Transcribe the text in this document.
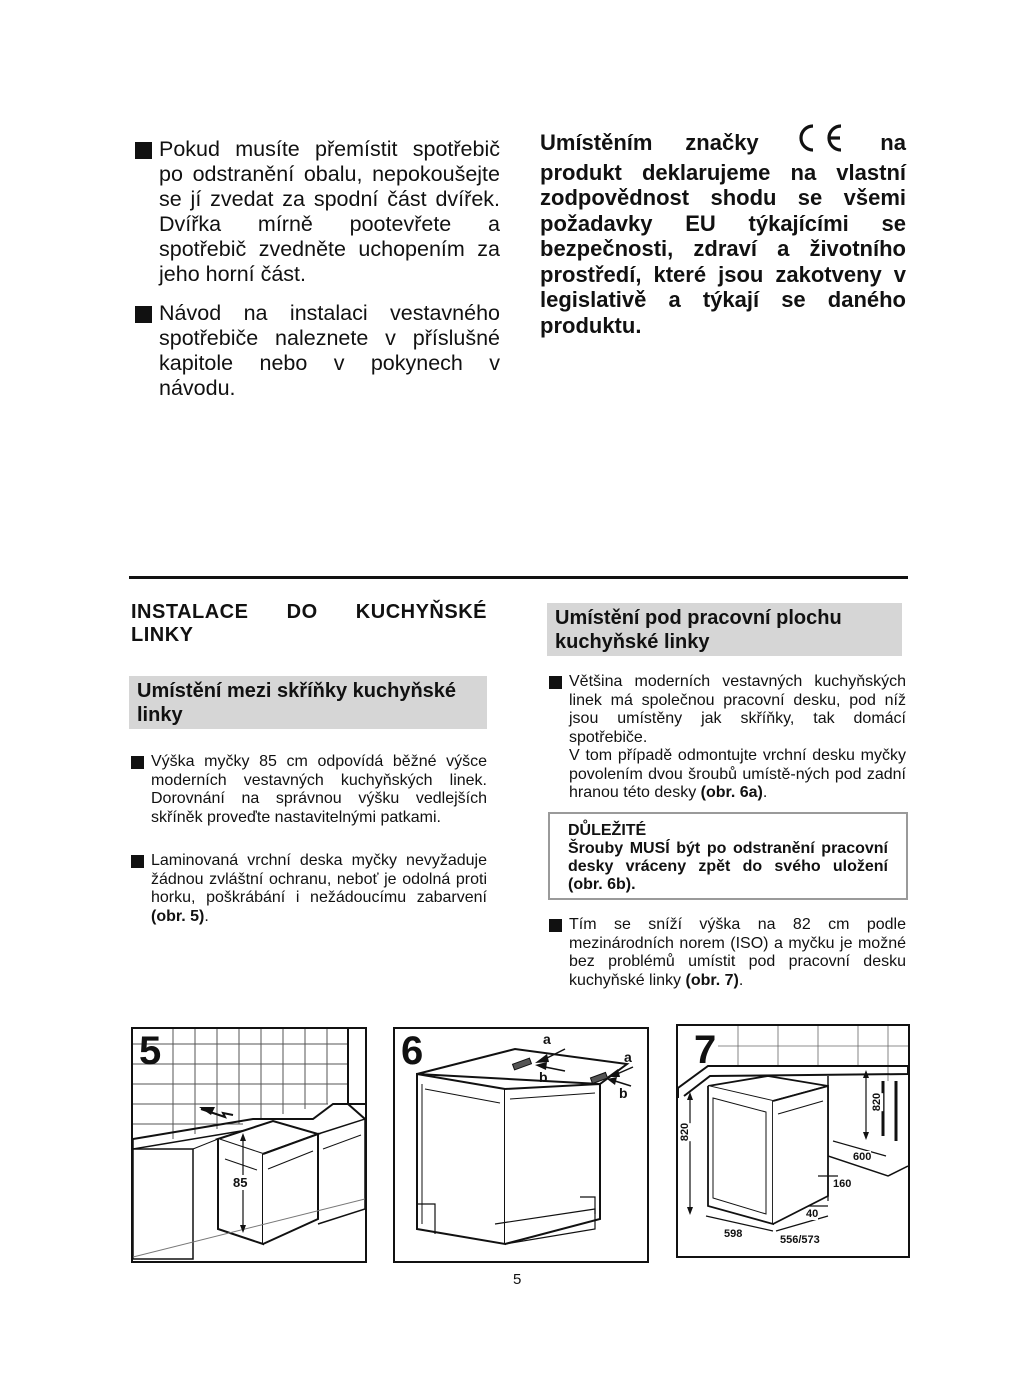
Pokud musíte přemístit spotřebič po odstranění obalu, nepokoušejte se jí zvedat za spodní část dvířek. Dvířka mírně pootevřete a spotřebič zvedněte uchopením za jeho horní část.
Návod na instalaci vestavného spotřebiče naleznete v příslušné kapitole nebo v pokynech v návodu.
Umístěním značky	na produkt deklarujeme na vlastní zodpovědnost shodu se všemi požadavky EU týkajícími se bezpečnosti, zdraví a životního prostředí, které jsou zakotveny v legislativě a týkají se daného produktu.
INSTALACE DO KUCHYŇSKÉ LINKY
Umístění mezi skříňky kuchyňské linky
Výška myčky 85 cm odpovídá běžné výšce moderních vestavných kuchyňských linek. Dorovnání na správnou výšku vedlejších skříněk proveďte nastavitelnými patkami.
Laminovaná vrchní deska myčky nevyžaduje žádnou zvláštní ochranu, neboť je odolná proti horku, poškrábání i nežádoucímu zabarvení (obr. 5).
Umístění pod pracovní plochu kuchyňské linky
Většina moderních vestavných kuchyňských linek má společnou pracovní desku, pod níž jsou umístěny jak skříňky, tak domácí spotřebiče.
V tom případě odmontujte vrchní desku myčky povolením dvou šroubů umístě-ných pod zadní hranou této desky (obr. 6a).
DŮLEŽITÉ
Šrouby MUSÍ být po odstranění pracovní desky vráceny zpět do svého uložení (obr. 6b).
Tím se sníží výška na 82 cm podle mezinárodních norem (ISO) a myčku je možné bez problémů umístit pod pracovní desku kuchyňské linky (obr. 7).
5
85
6	a
b
a
b
7
820
820
600
160
40
598	556/573
5
